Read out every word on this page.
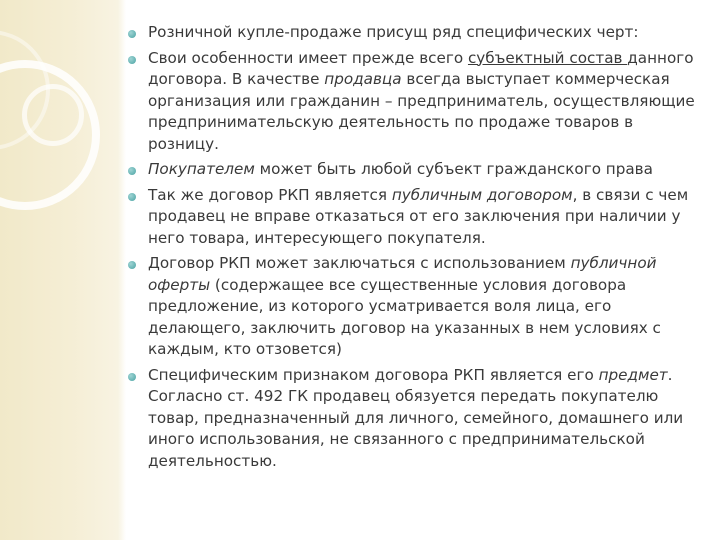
Розничной купле-продаже присущ ряд специфических черт:
Свои особенности имеет прежде всего субъектный состав данного договора. В качестве продавца всегда выступает коммерческая организация или гражданин – предприниматель, осуществляющие предпринимательскую деятельность по продаже товаров в розницу.
Покупателем может быть любой субъект гражданского права
Так же договор РКП является публичным договором, в связи с чем продавец не вправе отказаться от его заключения при наличии у него товара, интересующего покупателя.
Договор РКП может заключаться с использованием публичной оферты (содержащее все существенные условия договора предложение, из которого усматривается воля лица, его делающего, заключить договор на указанных в нем условиях с каждым, кто отзовется)
Специфическим признаком договора РКП является его предмет. Согласно ст. 492 ГК продавец обязуется передать покупателю товар, предназначенный для личного, семейного, домашнего или иного использования, не связанного с предпринимательской деятельностью.
